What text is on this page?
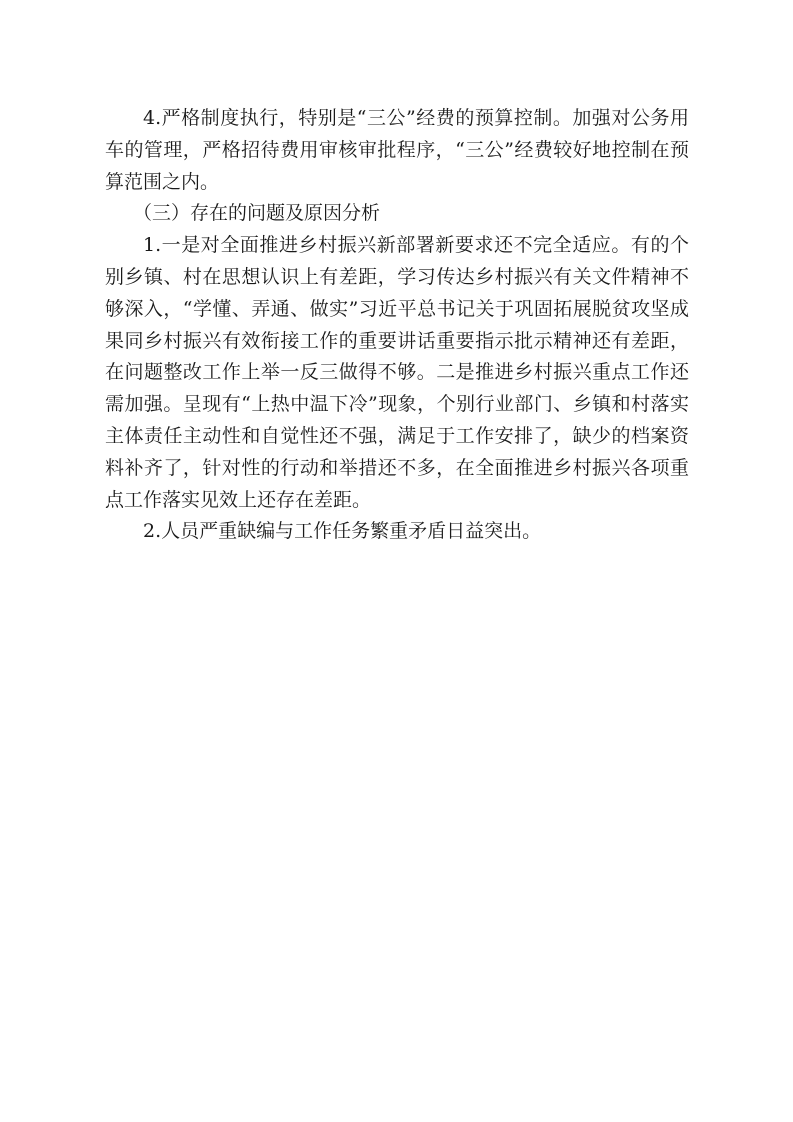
4.严格制度执行，特别是“三公”经费的预算控制。加强对公务用车的管理，严格招待费用审核审批程序，“三公”经费较好地控制在预算范围之内。

（三）存在的问题及原因分析

1.一是对全面推进乡村振兴新部署新要求还不完全适应。有的个别乡镇、村在思想认识上有差距，学习传达乡村振兴有关文件精神不够深入，“学懂、弄通、做实”习近平总书记关于巩固拓展脱贫攻坚成果同乡村振兴有效衔接工作的重要讲话重要指示批示精神还有差距，在问题整改工作上举一反三做得不够。二是推进乡村振兴重点工作还需加强。呈现有“上热中温下冷”现象，个别行业部门、乡镇和村落实主体责任主动性和自觉性还不强，满足于工作安排了，缺少的档案资料补齐了，针对性的行动和举措还不多，在全面推进乡村振兴各项重点工作落实见效上还存在差距。

2.人员严重缺编与工作任务繁重矛盾日益突出。
